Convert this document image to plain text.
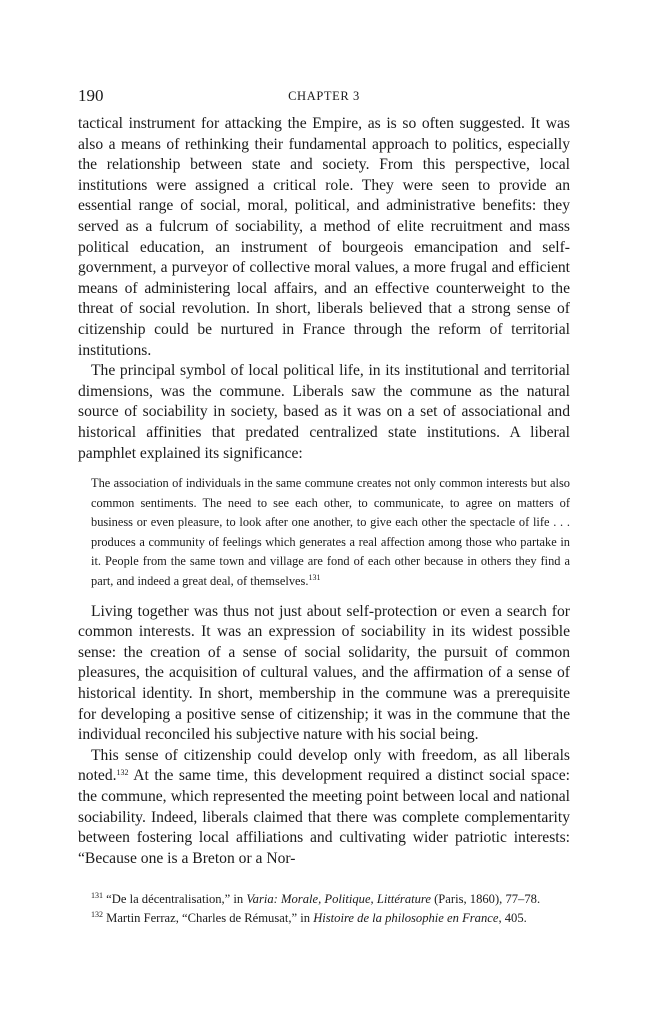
190	CHAPTER 3

tactical instrument for attacking the Empire, as is so often suggested. It was also a means of rethinking their fundamental approach to politics, especially the relationship between state and society. From this perspective, local institutions were assigned a critical role. They were seen to provide an essential range of social, moral, political, and administrative benefits: they served as a fulcrum of sociability, a method of elite recruitment and mass political education, an instrument of bourgeois emancipation and self-government, a purveyor of collective moral values, a more frugal and efficient means of administering local affairs, and an effective counterweight to the threat of social revolution. In short, liberals believed that a strong sense of citizenship could be nurtured in France through the reform of territorial institutions.

The principal symbol of local political life, in its institutional and territorial dimensions, was the commune. Liberals saw the commune as the natural source of sociability in society, based as it was on a set of associational and historical affinities that predated centralized state institutions. A liberal pamphlet explained its significance:

The association of individuals in the same commune creates not only common interests but also common sentiments. The need to see each other, to communicate, to agree on matters of business or even pleasure, to look after one another, to give each other the spectacle of life . . . produces a community of feelings which generates a real affection among those who partake in it. People from the same town and village are fond of each other because in others they find a part, and indeed a great deal, of themselves.$^{131}$

Living together was thus not just about self-protection or even a search for common interests. It was an expression of sociability in its widest possible sense: the creation of a sense of social solidarity, the pursuit of common pleasures, the acquisition of cultural values, and the affirmation of a sense of historical identity. In short, membership in the commune was a prerequisite for developing a positive sense of citizenship; it was in the commune that the individual reconciled his subjective nature with his social being.

This sense of citizenship could develop only with freedom, as all liberals noted.$^{132}$ At the same time, this development required a distinct social space: the commune, which represented the meeting point between local and national sociability. Indeed, liberals claimed that there was complete complementarity between fostering local affiliations and cultivating wider patriotic interests: “Because one is a Breton or a Nor-

$^{131}$ “De la décentralisation,” in Varia: Morale, Politique, Littérature (Paris, 1860), 77–78.

$^{132}$ Martin Ferraz, “Charles de Rémusat,” in Histoire de la philosophie en France, 405.
